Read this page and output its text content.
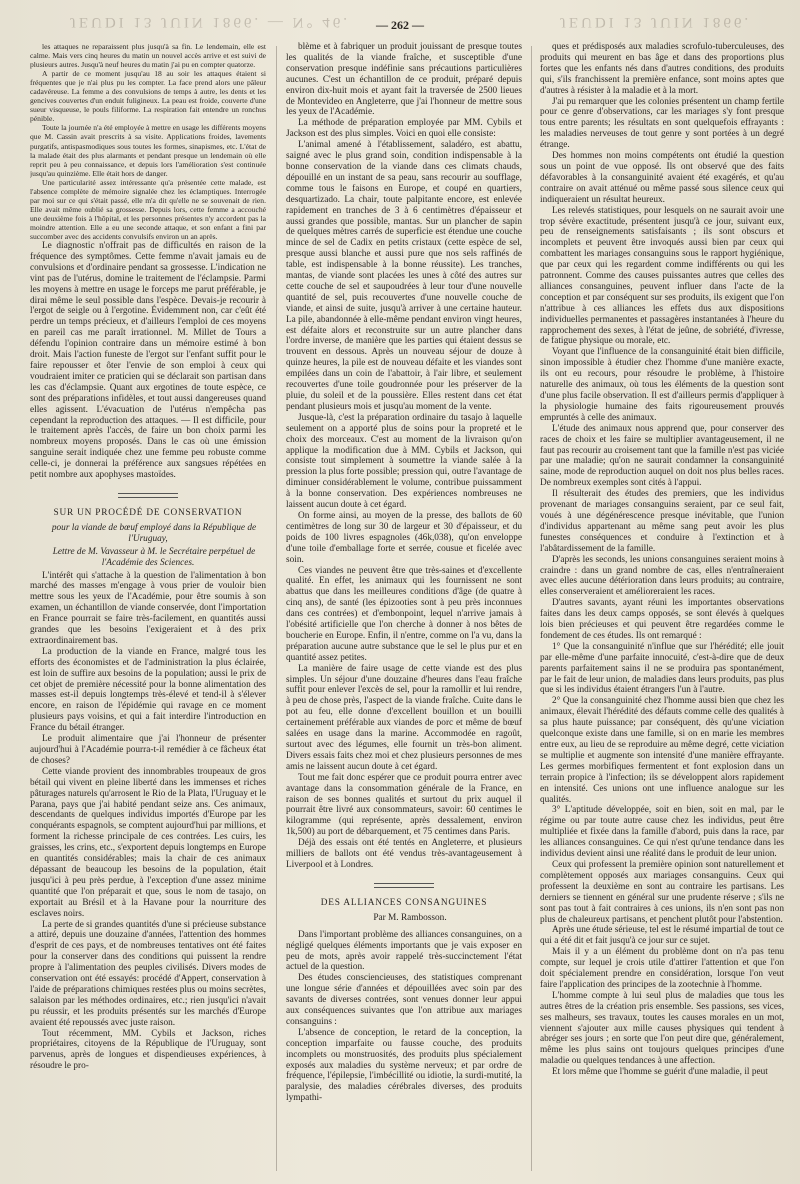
JEUDI 13 JUIN 1866. — N° 46.	JEUDI 13 JUIN 1866.
— 262 —

les attaques ne reparaissent plus jusqu'à sa fin. Le lendemain, elle est calme. Mais vers cinq heures du matin un nouvel accès arrive et est suivi de plusieurs autres. Jusqu'à neuf heures du matin j'ai pu en compter quatorze.

A partir de ce moment jusqu'au 18 au soir les attaques étaient si fréquentes que je n'ai plus pu les compter. La face prend alors une pâleur cadavéreuse. La femme a des convulsions de temps à autre, les dents et les gencives couvertes d'un enduit fuligineux. La peau est froide, couverte d'une sueur visqueuse, le pouls filiforme. La respiration fait entendre un ronchus pénible.

Toute la journée n'a été employée à mettre en usage les différents moyens que M. Cassin avait prescrits à sa visite. Applications froides, lavements purgatifs, antispasmodiques sous toutes les formes, sinapismes, etc. L'état de la malade était des plus alarmants et pendant presque un lendemain où elle reprit peu à peu connaissance, et depuis lors l'amélioration s'est continuée jusqu'au quinzième. Elle était hors de danger.

Une particularité assez intéressante qu'a présentée cette malade, est l'absence complète de mémoire signalée chez les éclamptiques. Interrogée par moi sur ce qui s'était passé, elle m'a dit qu'elle ne se souvenait de rien. Elle avait même oublié sa grossesse. Depuis lors, cette femme a accouché une deuxième fois à l'hôpital, et les personnes présentes n'y accordent pas la moindre attention. Elle a eu une seconde attaque, et son enfant a fini par succomber avec des accidents convulsifs environ un an après.

Le diagnostic n'offrait pas de difficultés en raison de la fréquence des symptômes. Cette femme n'avait jamais eu de convulsions et d'ordinaire pendant sa grossesse. L'indication ne vint pas de l'utérus, domine le traitement de l'éclampsie. Parmi les moyens à mettre en usage le forceps me parut préférable, je dirai même le seul possible dans l'espèce. Devais-je recourir à l'ergot de seigle ou à l'ergotine. Évidemment non, car c'eût été perdre un temps précieux, et d'ailleurs l'emploi de ces moyens en pareil cas me paraît irrationnel. M. Millet de Tours a défendu l'opinion contraire dans un mémoire estimé à bon droit. Mais l'action funeste de l'ergot sur l'enfant suffit pour le faire repousser et ôter l'envie de son emploi à ceux qui voudraient imiter ce praticien qui se déclarait son partisan dans les cas d'éclampsie. Quant aux ergotines de toute espèce, ce sont des préparations infidèles, et tout aussi dangereuses quand elles agissent. L'évacuation de l'utérus n'empêcha pas cependant la reproduction des attaques. — Il est difficile, pour le traitement après l'accès, de faire un bon choix parmi les nombreux moyens proposés. Dans le cas où une émission sanguine serait indiquée chez une femme peu robuste comme celle-ci, je donnerai la préférence aux sangsues répétées en petit nombre aux apophyses mastoïdes.

SUR UN PROCÉDÉ DE CONSERVATION

pour la viande de bœuf employé dans la République de l'Uruguay,

Lettre de M. Vavasseur à M. le Secrétaire perpétuel de l'Académie des Sciences.

L'intérêt qui s'attache à la question de l'alimentation à bon marché des masses m'engage à vous prier de vouloir bien mettre sous les yeux de l'Académie, pour être soumis à son examen, un échantillon de viande conservée, dont l'importation en France pourrait se faire très-facilement, en quantités aussi grandes que les besoins l'exigeraient et à des prix extraordinairement bas.

La production de la viande en France, malgré tous les efforts des économistes et de l'administration la plus éclairée, est loin de suffire aux besoins de la population; aussi le prix de cet objet de première nécessité pour la bonne alimentation des masses est-il depuis longtemps très-élevé et tend-il à s'élever encore, en raison de l'épidémie qui ravage en ce moment plusieurs pays voisins, et qui a fait interdire l'introduction en France du bétail étranger.

Le produit alimentaire que j'ai l'honneur de présenter aujourd'hui à l'Académie pourra-t-il remédier à ce fâcheux état de choses?

Cette viande provient des innombrables troupeaux de gros bétail qui vivent en pleine liberté dans les immenses et riches pâturages naturels qu'arrosent le Rio de la Plata, l'Uruguay et le Parana, pays que j'ai habité pendant seize ans. Ces animaux, descendants de quelques individus importés d'Europe par les conquérants espagnols, se comptent aujourd'hui par millions, et forment la richesse principale de ces contrées. Les cuirs, les graisses, les crins, etc., s'exportent depuis longtemps en Europe en quantités considérables; mais la chair de ces animaux dépassant de beaucoup les besoins de la population, était jusqu'ici à peu près perdue, à l'exception d'une assez minime quantité que l'on préparait et que, sous le nom de tasajo, on exportait au Brésil et à la Havane pour la nourriture des esclaves noirs.

La perte de si grandes quantités d'une si précieuse substance a attiré, depuis une douzaine d'années, l'attention des hommes d'esprit de ces pays, et de nombreuses tentatives ont été faites pour la conserver dans des conditions qui puissent la rendre propre à l'alimentation des peuples civilisés. Divers modes de conservation ont été essayés: procédé d'Appert, conservation à l'aide de préparations chimiques restées plus ou moins secrètes, salaison par les méthodes ordinaires, etc.; rien jusqu'ici n'avait pu réussir, et les produits présentés sur les marchés d'Europe avaient été repoussés avec juste raison.

Tout récemment, MM. Cybils et Jackson, riches propriétaires, citoyens de la République de l'Uruguay, sont parvenus, après de longues et dispendieuses expériences, à résoudre le pro-

blème et à fabriquer un produit jouissant de presque toutes les qualités de la viande fraîche, et susceptible d'une conservation presque indéfinie sans précautions particulières aucunes. C'est un échantillon de ce produit, préparé depuis environ dix-huit mois et ayant fait la traversée de 2500 lieues de Montevideo en Angleterre, que j'ai l'honneur de mettre sous les yeux de l'Académie.

La méthode de préparation employée par MM. Cybils et Jackson est des plus simples. Voici en quoi elle consiste:

L'animal amené à l'établissement, saladéro, est abattu, saigné avec le plus grand soin, condition indispensable à la bonne conservation de la viande dans ces climats chauds, dépouillé en un instant de sa peau, sans recourir au soufflage, comme tous le faisons en Europe, et coupé en quartiers, desquartizado. La chair, toute palpitante encore, est enlevée rapidement en tranches de 3 à 6 centimètres d'épaisseur et aussi grandes que possible, mantas. Sur un plancher de sapin de quelques mètres carrés de superficie est étendue une couche mince de sel de Cadix en petits cristaux (cette espèce de sel, presque aussi blanche et aussi pure que nos sels raffinés de table, est indispensable à la bonne réussite). Les tranches, mantas, de viande sont placées les unes à côté des autres sur cette couche de sel et saupoudrées à leur tour d'une nouvelle quantité de sel, puis recouvertes d'une nouvelle couche de viande, et ainsi de suite, jusqu'à arriver à une certaine hauteur. La pile, abandonnée à elle-même pendant environ vingt heures, est défaite alors et reconstruite sur un autre plancher dans l'ordre inverse, de manière que les parties qui étaient dessus se trouvent en dessous. Après un nouveau séjour de douze à quinze heures, la pile est de nouveau défaite et les viandes sont empilées dans un coin de l'abattoir, à l'air libre, et seulement recouvertes d'une toile goudronnée pour les préserver de la pluie, du soleil et de la poussière. Elles restent dans cet état pendant plusieurs mois et jusqu'au moment de la vente.

Jusque-là, c'est la préparation ordinaire du tasajo à laquelle seulement on a apporté plus de soins pour la propreté et le choix des morceaux. C'est au moment de la livraison qu'on applique la modification due à MM. Cybils et Jackson, qui consiste tout simplement à soumettre la viande salée à la pression la plus forte possible; pression qui, outre l'avantage de diminuer considérablement le volume, contribue puissamment à la bonne conservation. Des expériences nombreuses ne laissent aucun doute à cet égard.

On forme ainsi, au moyen de la presse, des ballots de 60 centimètres de long sur 30 de largeur et 30 d'épaisseur, et du poids de 100 livres espagnoles (46k,038), qu'on enveloppe d'une toile d'emballage forte et serrée, cousue et ficelée avec soin.

Ces viandes ne peuvent être que très-saines et d'excellente qualité. En effet, les animaux qui les fournissent ne sont abattus que dans les meilleures conditions d'âge (de quatre à cinq ans), de santé (les épizooties sont à peu près inconnues dans ces contrées) et d'embonpoint, lequel n'arrive jamais à l'obésité artificielle que l'on cherche à donner à nos bêtes de boucherie en Europe. Enfin, il n'entre, comme on l'a vu, dans la préparation aucune autre substance que le sel le plus pur et en quantité assez petites.

La manière de faire usage de cette viande est des plus simples. Un séjour d'une douzaine d'heures dans l'eau fraîche suffit pour enlever l'excès de sel, pour la ramollir et lui rendre, à peu de chose près, l'aspect de la viande fraîche. Cuite dans le pot au feu, elle donne d'excellent bouillon et un bouilli certainement préférable aux viandes de porc et même de bœuf salées en usage dans la marine. Accommodée en ragoût, surtout avec des légumes, elle fournit un très-bon aliment. Divers essais faits chez moi et chez plusieurs personnes de mes amis ne laissent aucun doute à cet égard.

Tout me fait donc espérer que ce produit pourra entrer avec avantage dans la consommation générale de la France, en raison de ses bonnes qualités et surtout du prix auquel il pourrait être livré aux consommateurs, savoir: 60 centimes le kilogramme (qui représente, après dessalement, environ 1k,500) au port de débarquement, et 75 centimes dans Paris.

Déjà des essais ont été tentés en Angleterre, et plusieurs milliers de ballots ont été vendus très-avantageusement à Liverpool et à Londres.

DES ALLIANCES CONSANGUINES

Par M. Rambosson.

Dans l'important problème des alliances consanguines, on a négligé quelques éléments importants que je vais exposer en peu de mots, après avoir rappelé très-succinctement l'état actuel de la question.

Des études consciencieuses, des statistiques comprenant une longue série d'années et dépouillées avec soin par des savants de diverses contrées, sont venues donner leur appui aux conséquences suivantes que l'on attribue aux mariages consanguins :

L'absence de conception, le retard de la conception, la conception imparfaite ou fausse couche, des produits incomplets ou monstruosités, des produits plus spécialement exposés aux maladies du système nerveux; et par ordre de fréquence, l'épilepsie, l'imbécillité ou idiotie, la surdi-mutité, la paralysie, des maladies cérébrales diverses, des produits lympathi-

ques et prédisposés aux maladies scrofulo-tuberculeuses, des produits qui meurent en bas âge et dans des proportions plus fortes que les enfants nés dans d'autres conditions, des produits qui, s'ils franchissent la première enfance, sont moins aptes que d'autres à résister à la maladie et à la mort.

J'ai pu remarquer que les colonies présentent un champ fertile pour ce genre d'observations, car les mariages s'y font presque tous entre parents; les résultats en sont quelquefois effrayants : les maladies nerveuses de tout genre y sont portées à un degré étrange.

Des hommes non moins compétents ont étudié la question sous un point de vue opposé. Ils ont observé que des faits défavorables à la consanguinité avaient été exagérés, et qu'au contraire on avait atténué ou même passé sous silence ceux qui indiqueraient un résultat heureux.

Les relevés statistiques, pour lesquels on ne saurait avoir une trop sévère exactitude, présentent jusqu'à ce jour, suivant eux, peu de renseignements satisfaisants ; ils sont obscurs et incomplets et peuvent être invoqués aussi bien par ceux qui combattent les mariages consanguins sous le rapport hygiénique, que par ceux qui les regardent comme indifférents ou qui les patronnent. Comme des causes puissantes autres que celles des alliances consanguines, peuvent influer dans l'acte de la conception et par conséquent sur ses produits, ils exigent que l'on n'attribue à ces alliances les effets dus aux dispositions individuelles permanentes et passagères instantanées à l'heure du rapprochement des sexes, à l'état de jeûne, de sobriété, d'ivresse, de fatigue physique ou morale, etc.

Voyant que l'influence de la consanguinité était bien difficile, sinon impossible à étudier chez l'homme d'une manière exacte, ils ont eu recours, pour résoudre le problème, à l'histoire naturelle des animaux, où tous les éléments de la question sont d'une plus facile observation. Il est d'ailleurs permis d'appliquer à la physiologie humaine des faits rigoureusement prouvés empruntés à celle des animaux.

L'étude des animaux nous apprend que, pour conserver des races de choix et les faire se multiplier avantageusement, il ne faut pas recourir au croisement tant que la famille n'est pas viciée par une maladie; qu'on ne saurait condamner la consanguinité saine, mode de reproduction auquel on doit nos plus belles races. De nombreux exemples sont cités à l'appui.

Il résulterait des études des premiers, que les individus provenant de mariages consanguins seraient, par ce seul fait, voués à une dégénérescence presque inévitable, que l'union d'individus appartenant au même sang peut avoir les plus funestes conséquences et conduire à l'extinction et à l'abâtardissement de la famille.

D'après les seconds, les unions consanguines seraient moins à craindre : dans un grand nombre de cas, elles n'entraîneraient avec elles aucune détérioration dans leurs produits; au contraire, elles conserveraient et amélioreraient les races.

D'autres savants, ayant réuni les importantes observations faites dans les deux camps opposés, se sont élevés à quelques lois bien précieuses et qui peuvent être regardées comme le fondement de ces études. Ils ont remarqué :

1° Que la consanguinité n'influe que sur l'hérédité; elle jouit par elle-même d'une parfaite innocuité, c'est-à-dire que de deux parents parfaitement sains il ne se produira pas spontanément, par le fait de leur union, de maladies dans leurs produits, pas plus que si les individus étaient étrangers l'un à l'autre.

2° Que la consanguinité chez l'homme aussi bien que chez les animaux, élevait l'hérédité des défauts comme celle des qualités à sa plus haute puissance; par conséquent, dès qu'une viciation quelconque existe dans une famille, si on en marie les membres entre eux, au lieu de se reproduire au même degré, cette viciation se multiplie et augmente son intensité d'une manière effrayante. Les germes morbifiques fermentent et font explosion dans un terrain propice à l'infection; ils se développent alors rapidement en intensité. Ces unions ont une influence analogue sur les qualités.

3° L'aptitude développée, soit en bien, soit en mal, par le régime ou par toute autre cause chez les individus, peut être multipliée et fixée dans la famille d'abord, puis dans la race, par les alliances consanguines. Ce qui n'est qu'une tendance dans les individus devient ainsi une réalité dans le produit de leur union.

Ceux qui professent la première opinion sont naturellement et complètement opposés aux mariages consanguins. Ceux qui professent la deuxième en sont au contraire les partisans. Les derniers se tiennent en général sur une prudente réserve ; s'ils ne sont pas tout à fait contraires à ces unions, ils n'en sont pas non plus de chaleureux partisans, et penchent plutôt pour l'abstention.

Après une étude sérieuse, tel est le résumé impartial de tout ce qui a été dit et fait jusqu'à ce jour sur ce sujet.

Mais il y a un élément du problème dont on n'a pas tenu compte, sur lequel je crois utile d'attirer l'attention et que l'on doit spécialement prendre en considération, lorsque l'on veut faire l'application des principes de la zootechnie à l'homme.

L'homme compte à lui seul plus de maladies que tous les autres êtres de la création pris ensemble. Ses passions, ses vices, ses malheurs, ses travaux, toutes les causes morales en un mot, viennent s'ajouter aux mille causes physiques qui tendent à abréger ses jours ; en sorte que l'on peut dire que, généralement, même les plus sains ont toujours quelques principes d'une maladie ou quelques tendances à une affection.

Et lors même que l'homme se guérit d'une maladie, il peut
